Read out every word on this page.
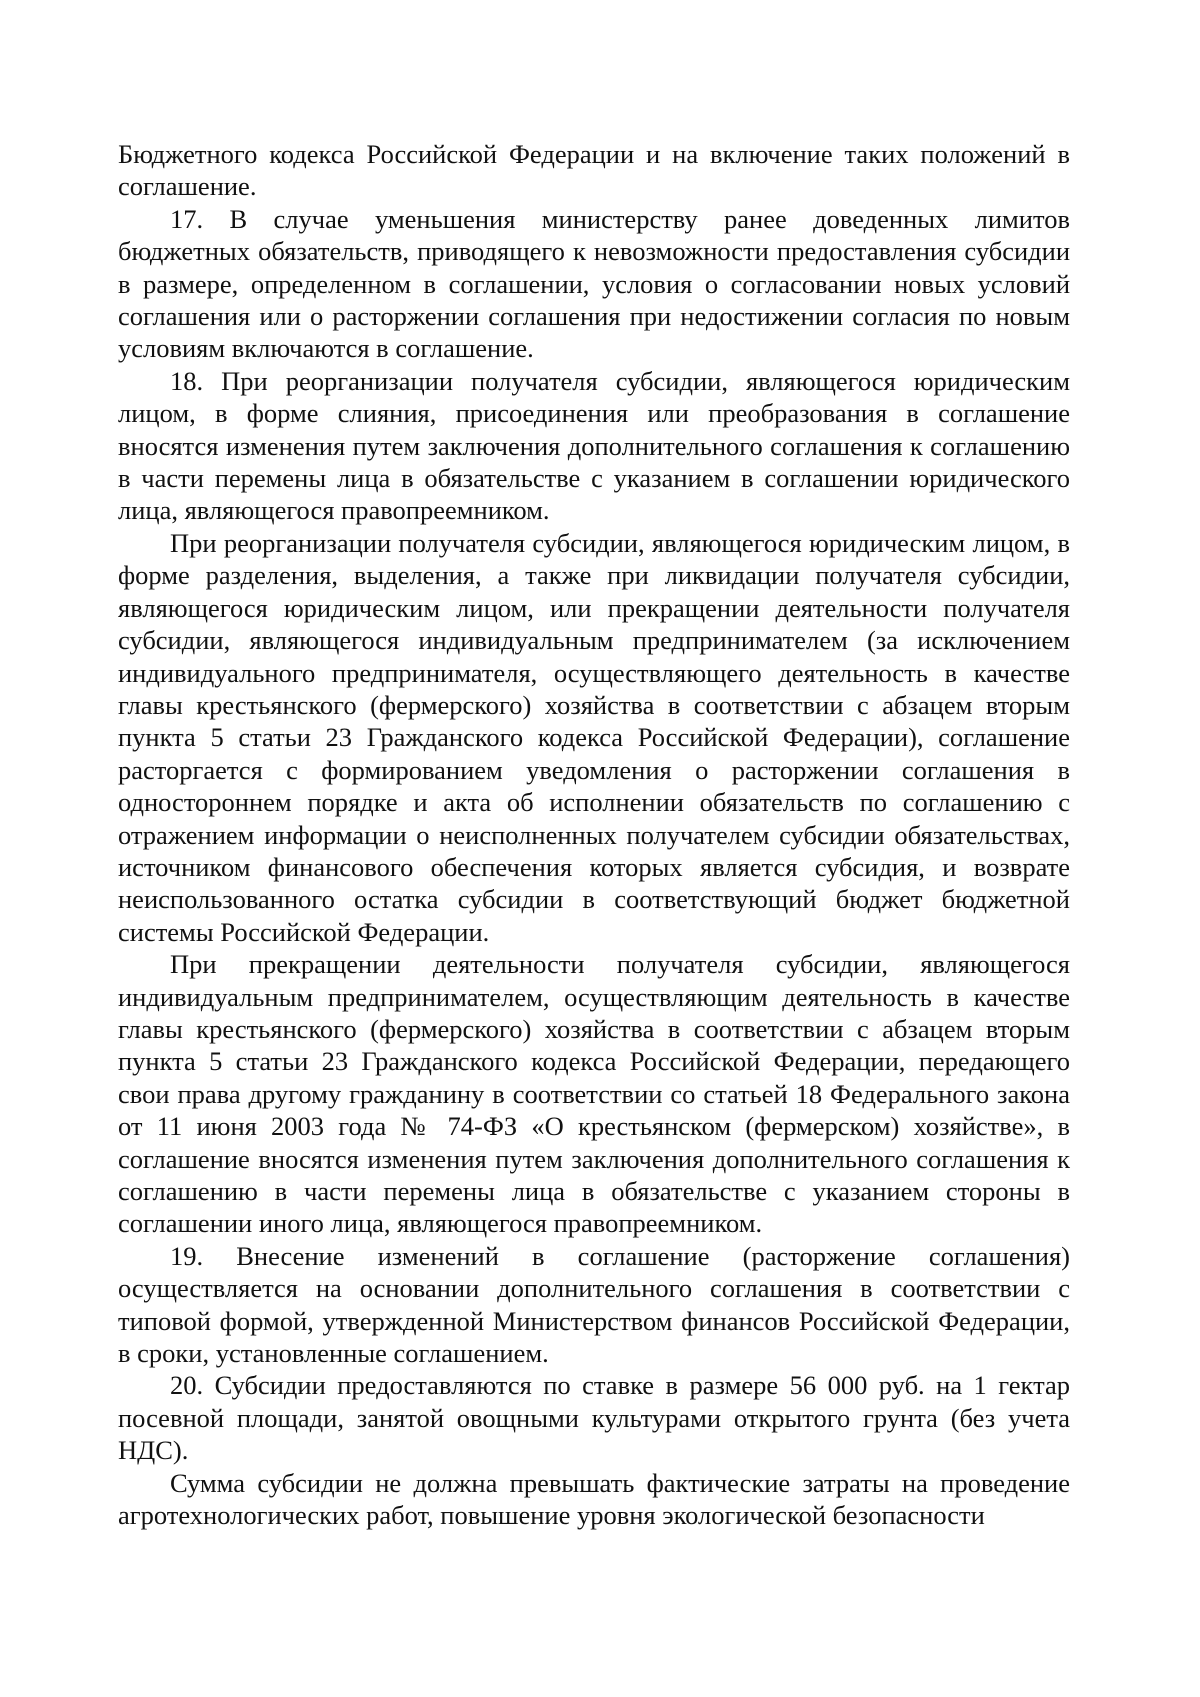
Бюджетного кодекса Российской Федерации и на включение таких положений в соглашение.

17. В случае уменьшения министерству ранее доведенных лимитов бюджетных обязательств, приводящего к невозможности предоставления субсидии в размере, определенном в соглашении, условия о согласовании новых условий соглашения или о расторжении соглашения при недостижении согласия по новым условиям включаются в соглашение.

18. При реорганизации получателя субсидии, являющегося юридическим лицом, в форме слияния, присоединения или преобразования в соглашение вносятся изменения путем заключения дополнительного соглашения к соглашению в части перемены лица в обязательстве с указанием в соглашении юридического лица, являющегося правопреемником.

При реорганизации получателя субсидии, являющегося юридическим лицом, в форме разделения, выделения, а также при ликвидации получателя субсидии, являющегося юридическим лицом, или прекращении деятельности получателя субсидии, являющегося индивидуальным предпринимателем (за исключением индивидуального предпринимателя, осуществляющего деятельность в качестве главы крестьянского (фермерского) хозяйства в соответствии с абзацем вторым пункта 5 статьи 23 Гражданского кодекса Российской Федерации), соглашение расторгается с формированием уведомления о расторжении соглашения в одностороннем порядке и акта об исполнении обязательств по соглашению с отражением информации о неисполненных получателем субсидии обязательствах, источником финансового обеспечения которых является субсидия, и возврате неиспользованного остатка субсидии в соответствующий бюджет бюджетной системы Российской Федерации.

При прекращении деятельности получателя субсидии, являющегося индивидуальным предпринимателем, осуществляющим деятельность в качестве главы крестьянского (фермерского) хозяйства в соответствии с абзацем вторым пункта 5 статьи 23 Гражданского кодекса Российской Федерации, передающего свои права другому гражданину в соответствии со статьей 18 Федерального закона от 11 июня 2003 года № 74-ФЗ «О крестьянском (фермерском) хозяйстве», в соглашение вносятся изменения путем заключения дополнительного соглашения к соглашению в части перемены лица в обязательстве с указанием стороны в соглашении иного лица, являющегося правопреемником.

19. Внесение изменений в соглашение (расторжение соглашения) осуществляется на основании дополнительного соглашения в соответствии с типовой формой, утвержденной Министерством финансов Российской Федерации, в сроки, установленные соглашением.

20. Субсидии предоставляются по ставке в размере 56 000 руб. на 1 гектар посевной площади, занятой овощными культурами открытого грунта (без учета НДС).

Сумма субсидии не должна превышать фактические затраты на проведение агротехнологических работ, повышение уровня экологической безопасности
